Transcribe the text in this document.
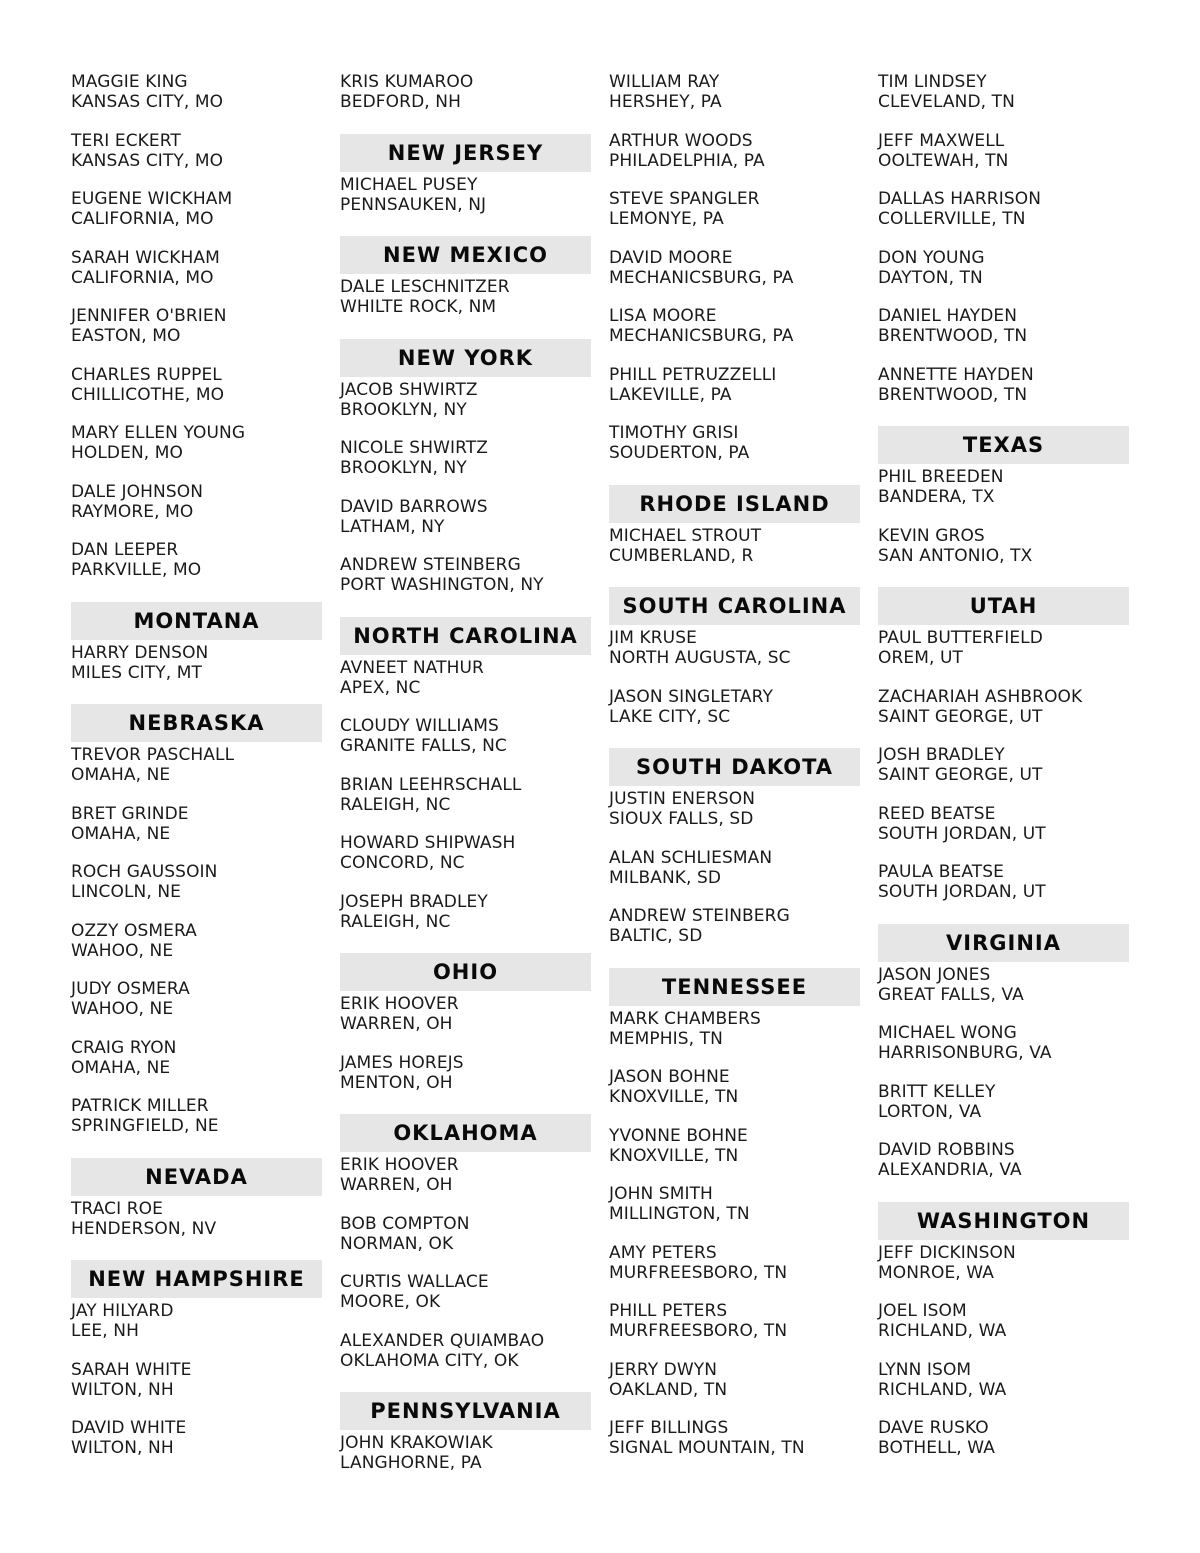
MAGGIE KING
KANSAS CITY, MO
TERI ECKERT
KANSAS CITY, MO
EUGENE WICKHAM
CALIFORNIA, MO
SARAH WICKHAM
CALIFORNIA, MO
JENNIFER O'BRIEN
EASTON, MO
CHARLES RUPPEL
CHILLICOTHE, MO
MARY ELLEN YOUNG
HOLDEN, MO
DALE JOHNSON
RAYMORE, MO
DAN LEEPER
PARKVILLE, MO
MONTANA
HARRY DENSON
MILES CITY, MT
NEBRASKA
TREVOR PASCHALL
OMAHA, NE
BRET GRINDE
OMAHA, NE
ROCH GAUSSOIN
LINCOLN, NE
OZZY OSMERA
WAHOO, NE
JUDY OSMERA
WAHOO, NE
CRAIG RYON
OMAHA, NE
PATRICK MILLER
SPRINGFIELD, NE
NEVADA
TRACI ROE
HENDERSON, NV
NEW HAMPSHIRE
JAY HILYARD
LEE, NH
SARAH WHITE
WILTON, NH
DAVID WHITE
WILTON, NH
KRIS KUMAROO
BEDFORD, NH
NEW JERSEY
MICHAEL PUSEY
PENNSAUKEN, NJ
NEW MEXICO
DALE LESCHNITZER
WHILTE ROCK, NM
NEW YORK
JACOB SHWIRTZ
BROOKLYN, NY
NICOLE SHWIRTZ
BROOKLYN, NY
DAVID BARROWS
LATHAM, NY
ANDREW STEINBERG
PORT WASHINGTON, NY
NORTH CAROLINA
AVNEET NATHUR
APEX, NC
CLOUDY WILLIAMS
GRANITE FALLS, NC
BRIAN LEEHRSCHALL
RALEIGH, NC
HOWARD SHIPWASH
CONCORD, NC
JOSEPH BRADLEY
RALEIGH, NC
OHIO
ERIK HOOVER
WARREN, OH
JAMES HOREJS
MENTON, OH
OKLAHOMA
ERIK HOOVER
WARREN, OH
BOB COMPTON
NORMAN, OK
CURTIS WALLACE
MOORE, OK
ALEXANDER QUIAMBAO
OKLAHOMA CITY, OK
PENNSYLVANIA
JOHN KRAKOWIAK
LANGHORNE, PA
WILLIAM RAY
HERSHEY, PA
ARTHUR WOODS
PHILADELPHIA, PA
STEVE SPANGLER
LEMONYE, PA
DAVID MOORE
MECHANICSBURG, PA
LISA MOORE
MECHANICSBURG, PA
PHILL PETRUZZELLI
LAKEVILLE, PA
TIMOTHY GRISI
SOUDERTON, PA
RHODE ISLAND
MICHAEL STROUT
CUMBERLAND, R
SOUTH CAROLINA
JIM KRUSE
NORTH AUGUSTA, SC
JASON SINGLETARY
LAKE CITY, SC
SOUTH DAKOTA
JUSTIN ENERSON
SIOUX FALLS, SD
ALAN SCHLIESMAN
MILBANK, SD
ANDREW STEINBERG
BALTIC, SD
TENNESSEE
MARK CHAMBERS
MEMPHIS, TN
JASON BOHNE
KNOXVILLE, TN
YVONNE BOHNE
KNOXVILLE, TN
JOHN SMITH
MILLINGTON, TN
AMY PETERS
MURFREESBORO, TN
PHILL PETERS
MURFREESBORO, TN
JERRY DWYN
OAKLAND, TN
JEFF BILLINGS
SIGNAL MOUNTAIN, TN
TIM LINDSEY
CLEVELAND, TN
JEFF MAXWELL
OOLTEWAH, TN
DALLAS HARRISON
COLLERVILLE, TN
DON YOUNG
DAYTON, TN
DANIEL HAYDEN
BRENTWOOD, TN
ANNETTE HAYDEN
BRENTWOOD, TN
TEXAS
PHIL BREEDEN
BANDERA, TX
KEVIN GROS
SAN ANTONIO, TX
UTAH
PAUL BUTTERFIELD
OREM, UT
ZACHARIAH ASHBROOK
SAINT GEORGE, UT
JOSH BRADLEY
SAINT GEORGE, UT
REED BEATSE
SOUTH JORDAN, UT
PAULA BEATSE
SOUTH JORDAN, UT
VIRGINIA
JASON JONES
GREAT FALLS, VA
MICHAEL WONG
HARRISONBURG, VA
BRITT KELLEY
LORTON, VA
DAVID ROBBINS
ALEXANDRIA, VA
WASHINGTON
JEFF DICKINSON
MONROE, WA
JOEL ISOM
RICHLAND, WA
LYNN ISOM
RICHLAND, WA
DAVE RUSKO
BOTHELL, WA
